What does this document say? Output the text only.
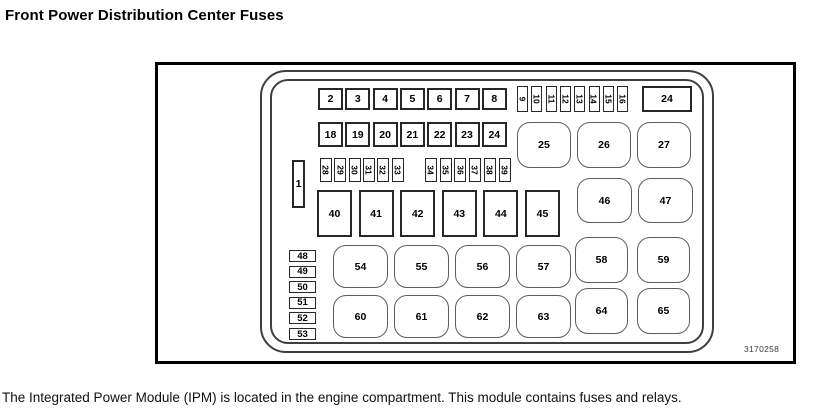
Front Power Distribution Center Fuses
2 3 4 5 6 7 8
18 19 20 21 22 23 24
9 10 11 12 13 14 15 16	24
1
28 29 30 31 32 33	34 35 36 37 38 39
40	41	42	43	44	45
25	26	27
46	47
48
49
50
51
52
53
54	55	56	57
58	59
60	61	62	63	64	65
3170258
The Integrated Power Module (IPM) is located in the engine compartment. This module contains fuses and relays.
